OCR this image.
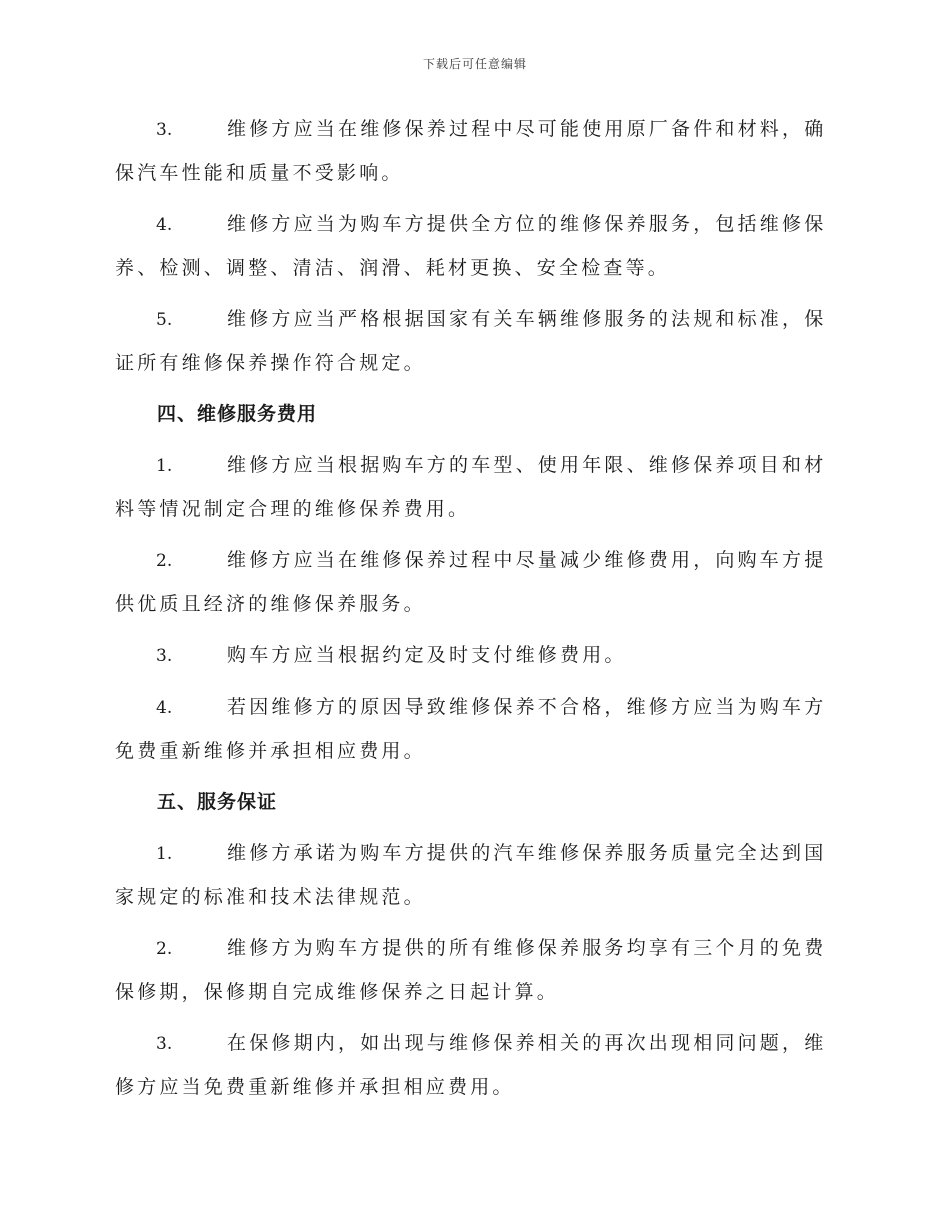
下载后可任意编辑
3.	维修方应当在维修保养过程中尽可能使用原厂备件和材料，确保汽车性能和质量不受影响。
4.	维修方应当为购车方提供全方位的维修保养服务，包括维修保养、检测、调整、清洁、润滑、耗材更换、安全检查等。
5.	维修方应当严格根据国家有关车辆维修服务的法规和标准，保证所有维修保养操作符合规定。
四、维修服务费用
1.	维修方应当根据购车方的车型、使用年限、维修保养项目和材料等情况制定合理的维修保养费用。
2.	维修方应当在维修保养过程中尽量减少维修费用，向购车方提供优质且经济的维修保养服务。
3.	购车方应当根据约定及时支付维修费用。
4.	若因维修方的原因导致维修保养不合格，维修方应当为购车方免费重新维修并承担相应费用。
五、服务保证
1.	维修方承诺为购车方提供的汽车维修保养服务质量完全达到国家规定的标准和技术法律规范。
2.	维修方为购车方提供的所有维修保养服务均享有三个月的免费保修期，保修期自完成维修保养之日起计算。
3.	在保修期内，如出现与维修保养相关的再次出现相同问题，维修方应当免费重新维修并承担相应费用。
